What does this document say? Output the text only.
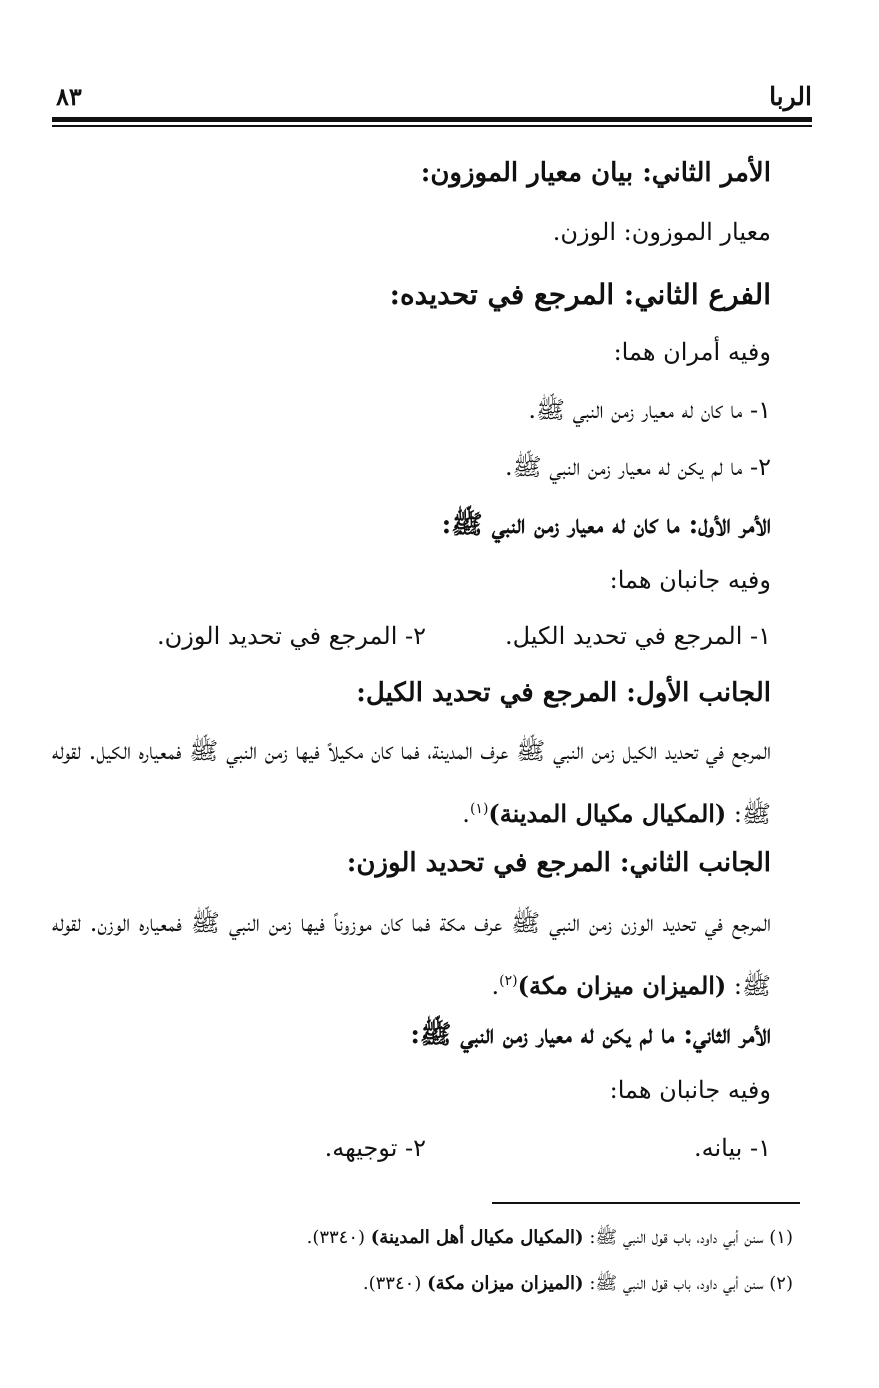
الربا
٨٣
الأمر الثاني: بيان معيار الموزون:
معيار الموزون: الوزن.
الفرع الثاني: المرجع في تحديده:
وفيه أمران هما:
١- ما كان له معيار زمن النبي ﷺ.
٢- ما لم يكن له معيار زمن النبي ﷺ.
الأمر الأول: ما كان له معيار زمن النبي ﷺ:
وفيه جانبان هما:
١- المرجع في تحديد الكيل.
٢- المرجع في تحديد الوزن.
الجانب الأول: المرجع في تحديد الكيل:
المرجع في تحديد الكيل زمن النبي ﷺ عرف المدينة، فما كان مكيلاً فيها زمن النبي ﷺ فمعياره الكيل. لقوله ﷺ: (المكيال مكيال المدينة)$^{(١)}$.
الجانب الثاني: المرجع في تحديد الوزن:
المرجع في تحديد الوزن زمن النبي ﷺ عرف مكة فما كان موزوناً فيها زمن النبي ﷺ فمعياره الوزن. لقوله ﷺ: (الميزان ميزان مكة)$^{(٢)}$.
الأمر الثاني: ما لم يكن له معيار زمن النبي ﷺ:
وفيه جانبان هما:
١- بيانه.
٢- توجيهه.
(١) سنن أبي داود، باب قول النبي ﷺ: (المكيال مكيال أهل المدينة) (٣٣٤٠).
(٢) سنن أبي داود، باب قول النبي ﷺ: (الميزان ميزان مكة) (٣٣٤٠).
